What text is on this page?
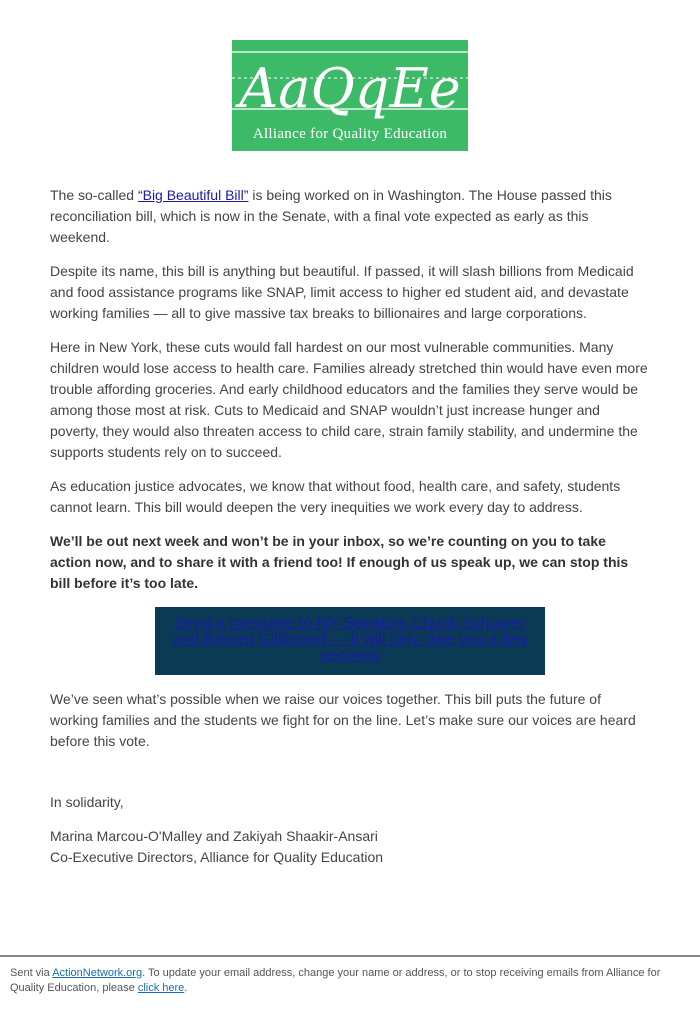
AaQqEe
Alliance for Quality Education

The so-called “Big Beautiful Bill” is being worked on in Washington. The House passed this reconciliation bill, which is now in the Senate, with a final vote expected as early as this weekend.

Despite its name, this bill is anything but beautiful. If passed, it will slash billions from Medicaid and food assistance programs like SNAP, limit access to higher ed student aid, and devastate working families — all to give massive tax breaks to billionaires and large corporations.

Here in New York, these cuts would fall hardest on our most vulnerable communities. Many children would lose access to health care. Families already stretched thin would have even more trouble affording groceries. And early childhood educators and the families they serve would be among those most at risk. Cuts to Medicaid and SNAP wouldn’t just increase hunger and poverty, they would also threaten access to child care, strain family stability, and undermine the supports students rely on to succeed.

As education justice advocates, we know that without food, health care, and safety, students cannot learn. This bill would deepen the very inequities we work every day to address.

We’ll be out next week and won’t be in your inbox, so we’re counting on you to take action now, and to share it with a friend too! If enough of us speak up, we can stop this bill before it’s too late.

Send a message to NY Senators Chuck Schumer and Kirsten Gillibrand — it will only take you a few seconds

We’ve seen what’s possible when we raise our voices together. This bill puts the future of working families and the students we fight for on the line. Let’s make sure our voices are heard before this vote.

In solidarity,

Marina Marcou-O'Malley and Zakiyah Shaakir-Ansari
Co-Executive Directors, Alliance for Quality Education
Sent via ActionNetwork.org. To update your email address, change your name or address, or to stop receiving emails from Alliance for Quality Education, please click here.
